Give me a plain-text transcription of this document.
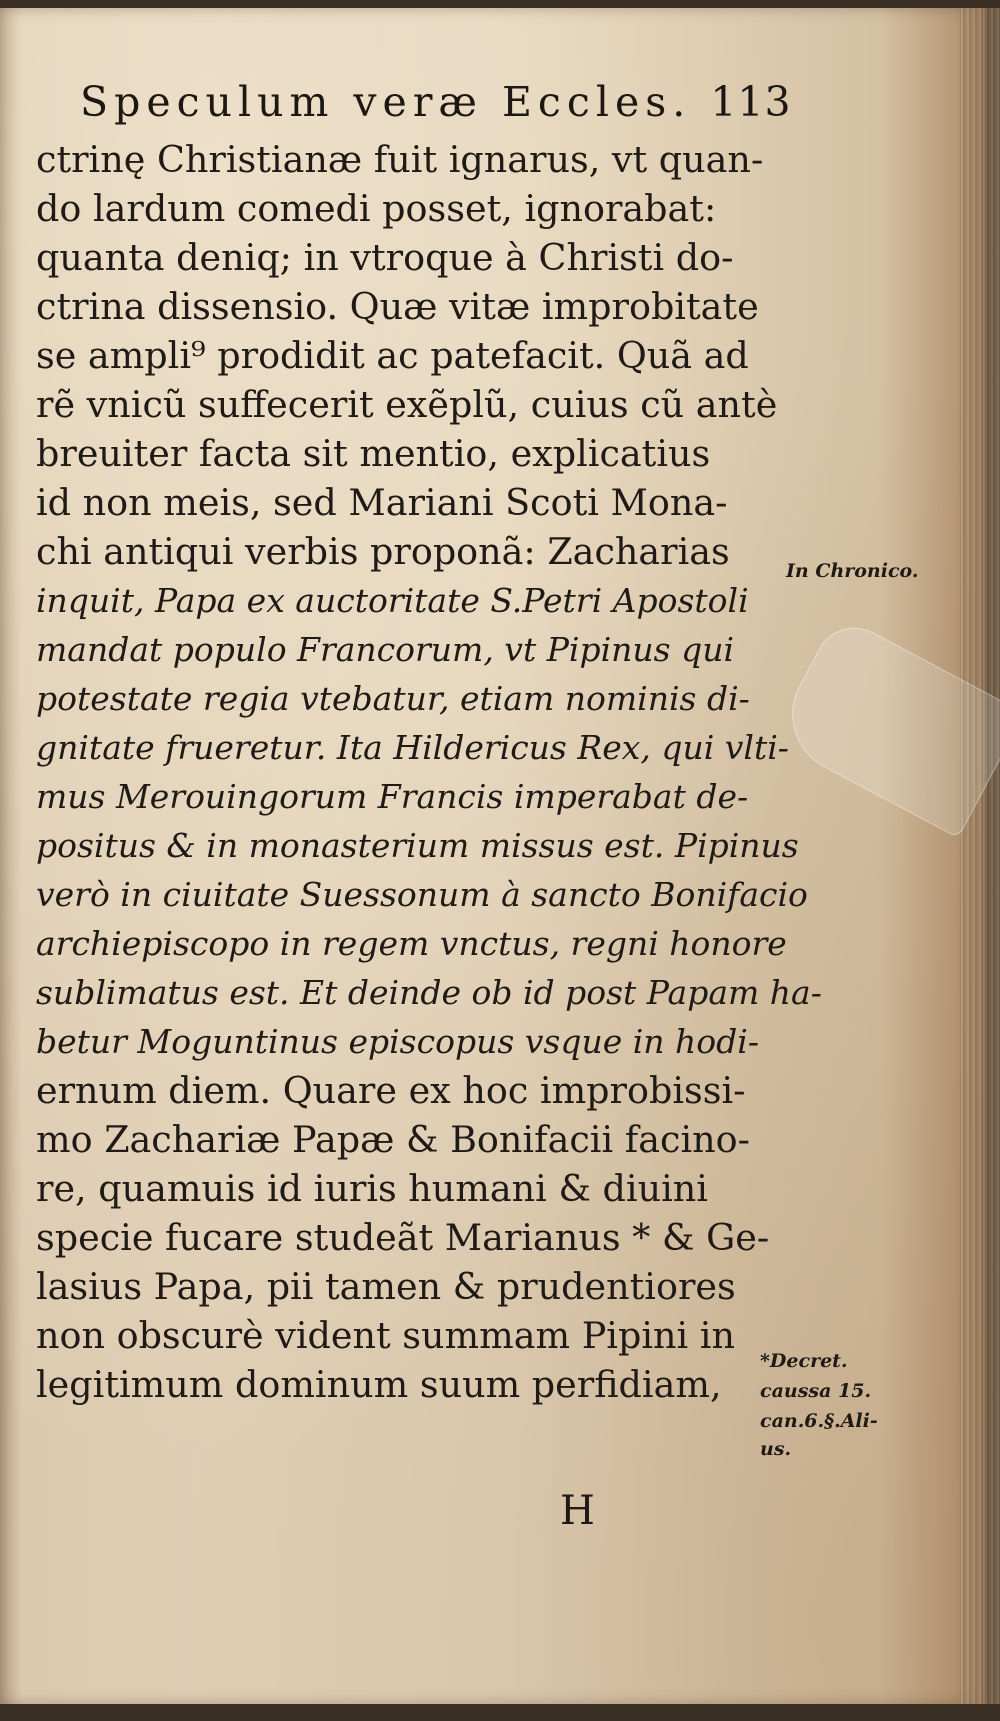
Speculum veræ Eccles. 113
ctrinę Christianæ fuit ignarus, vt quan-
do lardum comedi posset, ignorabat:
quanta deniq; in vtroque à Christi do-
ctrina dissensio. Quæ vitæ improbitate
se ampli⁹ prodidit ac patefacit. Quã ad
rẽ vnicũ suffecerit exẽplũ, cuius cũ antè
breuiter facta sit mentio, explicatius
id non meis, sed Mariani Scoti Mona-
chi antiqui verbis proponã: Zacharias
inquit, Papa ex auctoritate S.Petri Apostoli
mandat populo Francorum, vt Pipinus qui
potestate regia vtebatur, etiam nominis di-
gnitate frueretur. Ita Hildericus Rex, qui vlti-
mus Merouingorum Francis imperabat de-
positus & in monasterium missus est. Pipinus
verò in ciuitate Suessonum à sancto Bonifacio
archiepiscopo in regem vnctus, regni honore
sublimatus est. Et deinde ob id post Papam ha-
betur Moguntinus episcopus vsque in hodi-
ernum diem. Quare ex hoc improbissi-
mo Zachariæ Papæ & Bonifacii facino-
re, quamuis id iuris humani & diuini
specie fucare studeãt Marianus * & Ge-
lasius Papa, pii tamen & prudentiores
non obscurè vident summam Pipini in
legitimum dominum suum perfidiam,
In Chronico.
*Decret.
caussa 15.
can.6.§.Ali-
us.
H
